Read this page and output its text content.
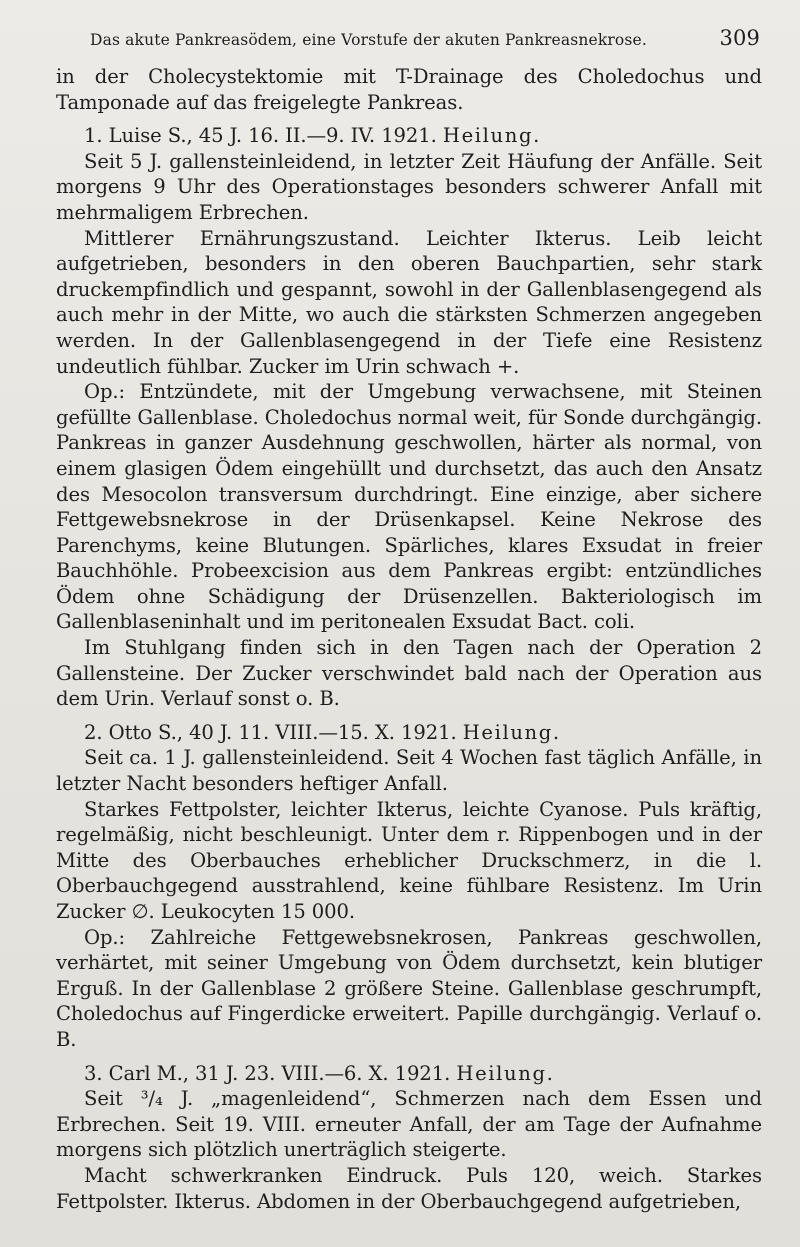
Das akute Pankreasödem, eine Vorstufe der akuten Pankreasnekrose.	309

in der Cholecystektomie mit T-Drainage des Choledochus und Tamponade auf das freigelegte Pankreas.

1. Luise S., 45 J. 16. II.—9. IV. 1921. Heilung.

Seit 5 J. gallensteinleidend, in letzter Zeit Häufung der Anfälle. Seit morgens 9 Uhr des Operationstages besonders schwerer Anfall mit mehrmaligem Erbrechen.

Mittlerer Ernährungszustand. Leichter Ikterus. Leib leicht aufgetrieben, besonders in den oberen Bauchpartien, sehr stark druckempfindlich und gespannt, sowohl in der Gallenblasengegend als auch mehr in der Mitte, wo auch die stärksten Schmerzen angegeben werden. In der Gallenblasengegend in der Tiefe eine Resistenz undeutlich fühlbar. Zucker im Urin schwach +.

Op.: Entzündete, mit der Umgebung verwachsene, mit Steinen gefüllte Gallenblase. Choledochus normal weit, für Sonde durchgängig. Pankreas in ganzer Ausdehnung geschwollen, härter als normal, von einem glasigen Ödem eingehüllt und durchsetzt, das auch den Ansatz des Mesocolon transversum durchdringt. Eine einzige, aber sichere Fettgewebsnekrose in der Drüsenkapsel. Keine Nekrose des Parenchyms, keine Blutungen. Spärliches, klares Exsudat in freier Bauchhöhle. Probeexcision aus dem Pankreas ergibt: entzündliches Ödem ohne Schädigung der Drüsenzellen. Bakteriologisch im Gallenblaseninhalt und im peritonealen Exsudat Bact. coli.

Im Stuhlgang finden sich in den Tagen nach der Operation 2 Gallensteine. Der Zucker verschwindet bald nach der Operation aus dem Urin. Verlauf sonst o. B.

2. Otto S., 40 J. 11. VIII.—15. X. 1921. Heilung.

Seit ca. 1 J. gallensteinleidend. Seit 4 Wochen fast täglich Anfälle, in letzter Nacht besonders heftiger Anfall.

Starkes Fettpolster, leichter Ikterus, leichte Cyanose. Puls kräftig, regelmäßig, nicht beschleunigt. Unter dem r. Rippenbogen und in der Mitte des Oberbauches erheblicher Druckschmerz, in die l. Oberbauchgegend ausstrahlend, keine fühlbare Resistenz. Im Urin Zucker ∅. Leukocyten 15 000.

Op.: Zahlreiche Fettgewebsnekrosen, Pankreas geschwollen, verhärtet, mit seiner Umgebung von Ödem durchsetzt, kein blutiger Erguß. In der Gallenblase 2 größere Steine. Gallenblase geschrumpft, Choledochus auf Fingerdicke erweitert. Papille durchgängig. Verlauf o. B.

3. Carl M., 31 J. 23. VIII.—6. X. 1921. Heilung.

Seit ³/₄ J. „magenleidend“, Schmerzen nach dem Essen und Erbrechen. Seit 19. VIII. erneuter Anfall, der am Tage der Aufnahme morgens sich plötzlich unerträglich steigerte.

Macht schwerkranken Eindruck. Puls 120, weich. Starkes Fettpolster. Ikterus. Abdomen in der Oberbauchgegend aufgetrieben,
